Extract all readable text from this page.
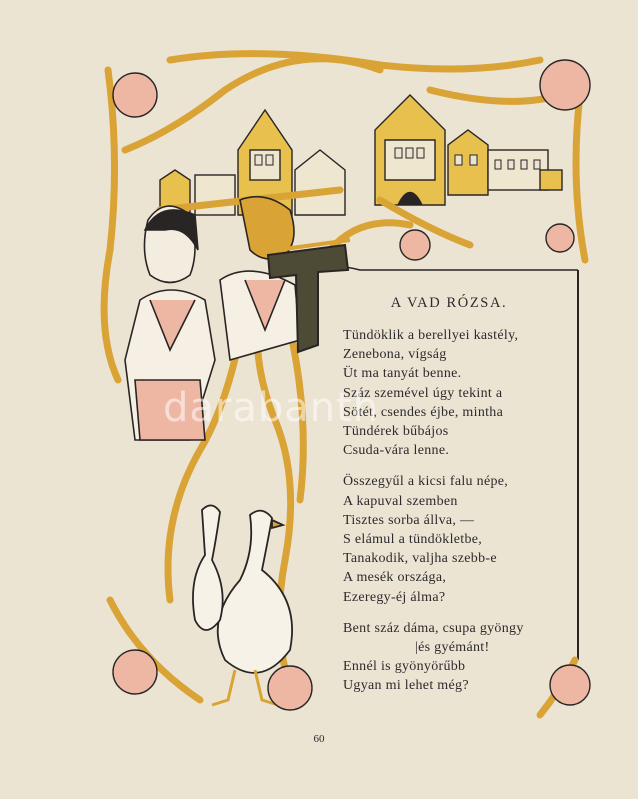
A VAD RÓZSA.
Tündöklik a berellyei kastély,
Zenebona, vígság
Üt ma tanyát benne.
Száz szemével úgy tekint a
Sötét, csendes éjbe, mintha
Tündérek bűbájos
Csuda-vára lenne.
Összegyűl a kicsi falu népe,
A kapuval szemben
Tisztes sorba állva, —
S elámul a tündökletbe,
Tanakodik, valjha szebb-e
A mesék országa,
Ezeregy-éj álma?
Bent száz dáma, csupa gyöngy
|és gyémánt!
Ennél is gyönyörűbb
Ugyan mi lehet még?
darabanth
60
